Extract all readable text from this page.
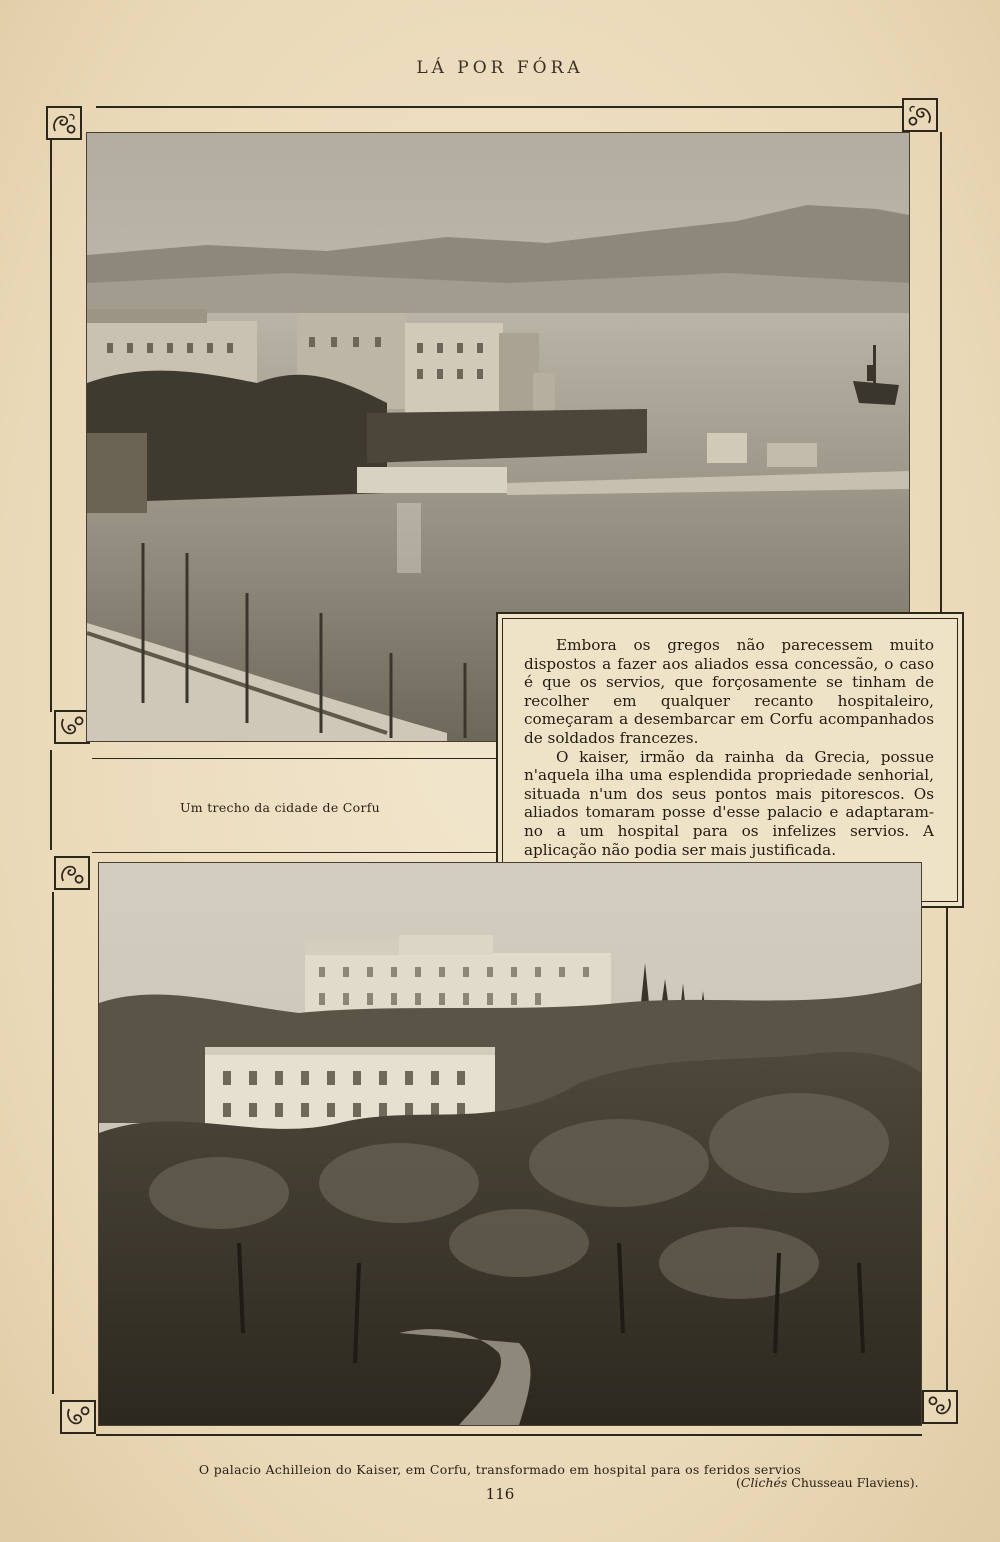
LÁ POR FÓRA
Um trecho da cidade de Corfu

Embora os gregos não parecessem muito dispostos a fazer aos aliados essa concessão, o caso é que os servios, que forçosamente se tinham de recolher em qualquer recanto hospitaleiro, começaram a desembarcar em Corfu acompanhados de soldados francezes.

O kaiser, irmão da rainha da Grecia, possue n'aquela ilha uma esplendida propriedade senhorial, situada n'um dos seus pontos mais pitorescos. Os aliados tomaram posse d'esse palacio e adaptaram-no a um hospital para os infelizes servios. A aplicação não podia ser mais justificada.

O palacio Achilleion do Kaiser, em Corfu, transformado em hospital para os feridos servios
(Clichés Chusseau Flaviens).
116
